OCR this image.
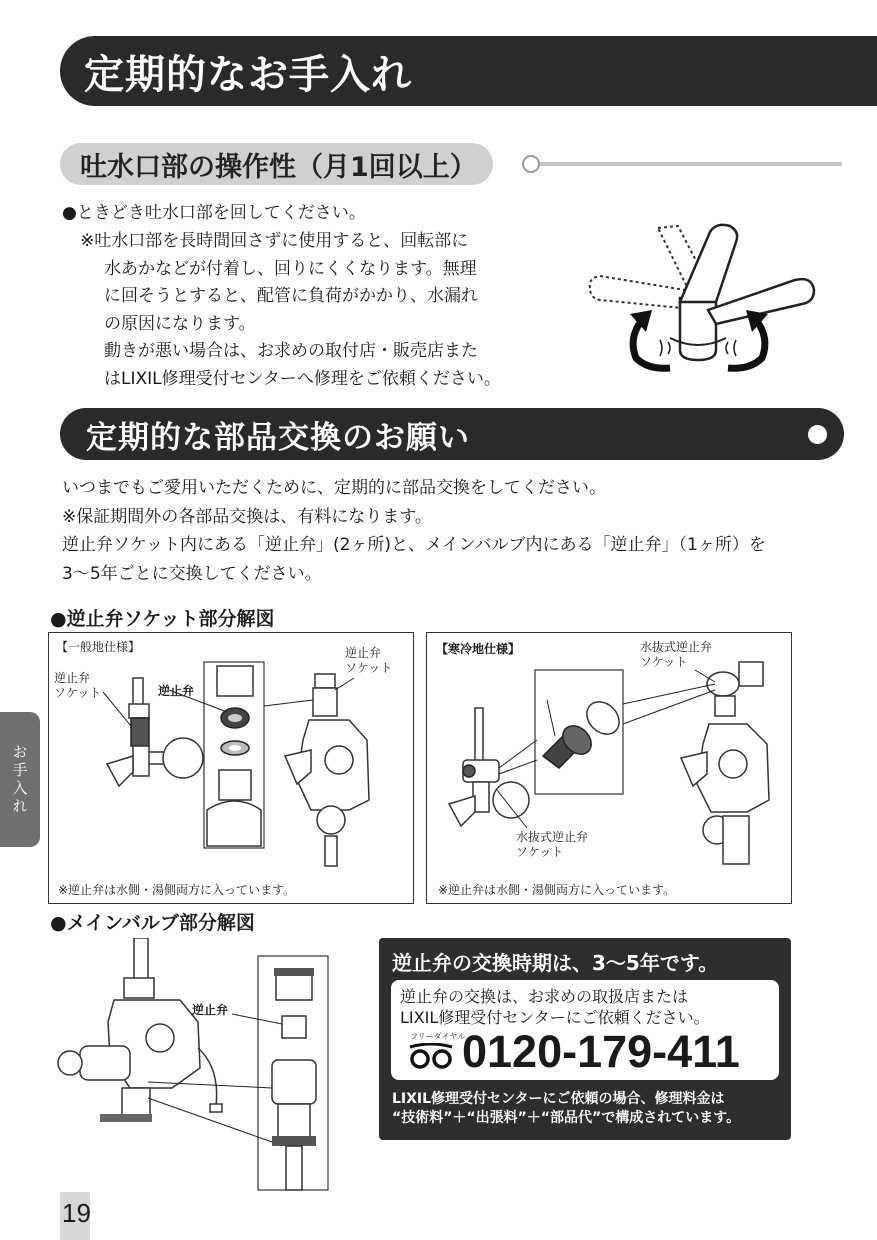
定期的なお手入れ
吐水口部の操作性（月1回以上）
●ときどき吐水口部を回してください。
※吐水口部を長時間回さずに使用すると、回転部に
水あかなどが付着し、回りにくくなります。無理
に回そうとすると、配管に負荷がかかり、水漏れ
の原因になります。
動きが悪い場合は、お求めの取付店・販売店また
はLIXIL修理受付センターへ修理をご依頼ください。
定期的な部品交換のお願い
いつまでもご愛用いただくために、定期的に部品交換をしてください。
※保証期間外の各部品交換は、有料になります。
逆止弁ソケット内にある「逆止弁」(2ヶ所)と、メインバルブ内にある「逆止弁」（1ヶ所）を
3～5年ごとに交換してください。
●逆止弁ソケット部分解図
【一般地仕様】
逆止弁
ソケット	逆止弁
逆止弁
ソケット
※逆止弁は水側・湯側両方に入っています。
【寒冷地仕様】	水抜式逆止弁
ソケット
水抜式逆止弁
ソケット
※逆止弁は水側・湯側両方に入っています。
お手入れ
●メインバルブ部分解図
逆止弁
逆止弁の交換時期は、3～5年です。
逆止弁の交換は、お求めの取扱店または
LIXIL修理受付センターにご依頼ください。
フリーダイヤル
0120-179-411
LIXIL修理受付センターにご依頼の場合、修理料金は
“技術料”＋“出張料”＋“部品代”で構成されています。
19
